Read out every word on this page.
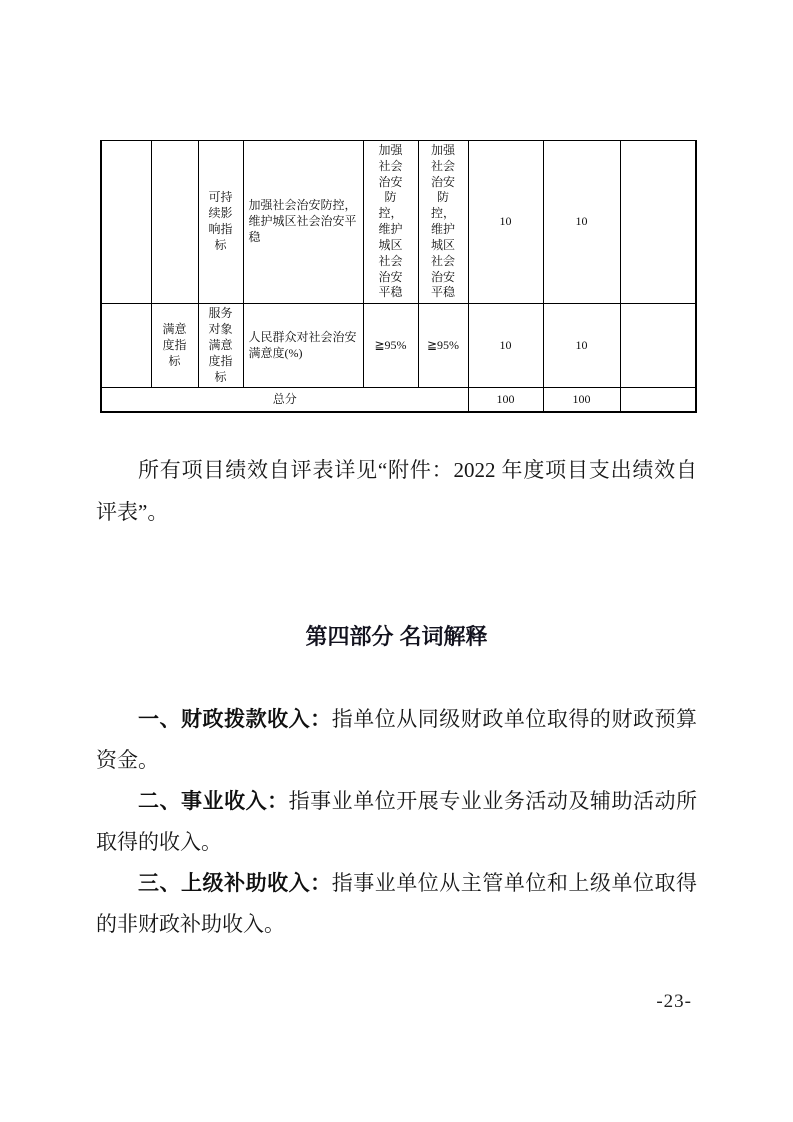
		可持续影响指标	加强社会治安防控，维护城区社会治安平稳	加强社会治安防控，维护城区社会治安平稳	加强社会治安防控，维护城区社会治安平稳	10	10	
	满意度指标	服务对象满意度指标	人民群众对社会治安满意度(%)	≧95%	≧95%	10	10	
总分						100	100	

所有项目绩效自评表详见“附件：2022 年度项目支出绩效自评表”。

第四部分 名词解释

一、财政拨款收入：指单位从同级财政单位取得的财政预算资金。

二、事业收入：指事业单位开展专业业务活动及辅助活动所取得的收入。

三、上级补助收入：指事业单位从主管单位和上级单位取得的非财政补助收入。

-23-
